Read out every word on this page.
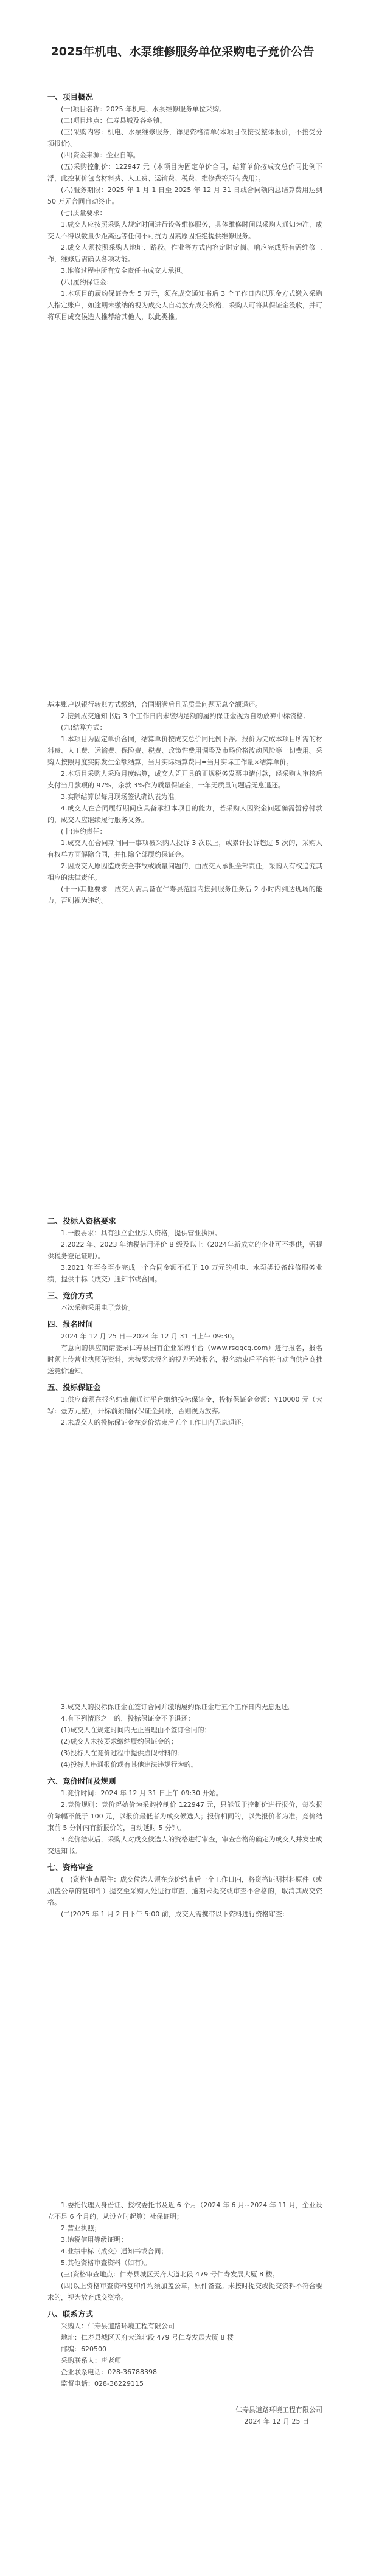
2025年机电、水泵维修服务单位采购电子竞价公告
一、项目概况

(一)项目名称：2025 年机电、水泵维修服务单位采购。

(二)项目地点：仁寿县城及各乡镇。

(三)采购内容：机电、水泵维修服务，详见资格清单(本项目仅接受整体报价，不接受分项报价)。

(四)资金来源：企业自筹。

(五)采购控制价：122947 元（本项目为固定单价合同，结算单价按成交总价同比例下浮，此控制价包含材料费、人工费、运输费、税费、维修费等所有费用）。

(六)服务期限：2025 年 1 月 1 日至 2025 年 12 月 31 日或合同额内总结算费用达到 50 万元合同自动终止。

(七)质量要求：

1.成交人应按照采购人规定时间进行设备维修服务，具体维修时间以采购人通知为准，成交人不得以数量少距离远等任何不可抗力因素原因拒绝提供维修服务。

2.成交人须按照采购人地址、路段、作业等方式内容定时定岗、响应完成所有需维修工作，维修后需确认各项功能。

3.维修过程中所有安全责任由成交人承担。

(八)履约保证金：

1.本项目的履约保证金为 5 万元，须在成交通知书后 3 个工作日内以现金方式缴入采购人指定账户，如逾期未缴纳的视为成交人自动放弃成交资格，采购人可将其保证金没收，并可将项目成交候选人推荐给其他人，以此类推。

基本账户以银行转账方式缴纳，合同期满后且无质量问题无息全额退还。

2.接到成交通知书后 3 个工作日内未缴纳足额的履约保证金视为自动放弃中标资格。

(九)结算方式：

1.本项目为固定单价合同，结算单价按成交总价同比例下浮。报价为完成本项目所需的材料费、人工费、运输费、保险费、税费、政策性费用调整及市场价格波动风险等一切费用。采购人按照月度实际发生金额结算，当月实际结算费用=当月实际工作量×结算单价。

2.本项目采购人采取月度结算，成交人凭开具的正规税务发票申请付款，经采购人审核后支付当月款项的 97%，余款 3%作为质量保证金，一年无质量问题后无息退还。

3.实际结算以每月现场签认确认表为准。

4.成交人在合同履行期间应具备承担本项目的能力，若采购人因资金问题确需暂停付款的，成交人应继续履行服务义务。

(十)违约责任：

1.成交人在合同期间同一事项被采购人投诉 3 次以上，或累计投诉超过 5 次的，采购人有权单方面解除合同，并扣除全部履约保证金。

2.因成交人原因造成安全事故或质量问题的，由成交人承担全部责任，采购人有权追究其相应的法律责任。

(十一)其他要求：成交人需具备在仁寿县范围内接到服务任务后 2 小时内到达现场的能力，否则视为违约。

二、投标人资格要求

1.一般要求：具有独立企业法人资格，提供营业执照。

2.2022 年、2023 年纳税信用评价 B 级及以上（2024年新成立的企业可不提供，需提供税务登记证明）。

3.2021 年至今至少完成一个合同金额不低于 10 万元的机电、水泵类设备维修服务业绩，提供中标（成交）通知书或合同。

三、竞价方式

本次采购采用电子竞价。

四、报名时间

2024 年 12 月 25 日—2024 年 12 月 31 日上午 09:30。

有意向的供应商请登录仁寿县国有企业采购平台（www.rsgqcg.com）进行报名，报名时须上传营业执照等资料，未按要求报名的视为无效报名，报名结束后平台将自动向供应商推送竞价通知。

五、投标保证金

1.供应商须在报名结束前通过平台缴纳投标保证金，投标保证金金额：¥10000 元（大写：壹万元整），开标前须确保保证金到账，否则视为放弃。

2.未成交人的投标保证金在竞价结束后五个工作日内无息退还。

3.成交人的投标保证金在签订合同并缴纳履约保证金后五个工作日内无息退还。

4.有下列情形之一的，投标保证金不予退还：

(1)成交人在规定时间内无正当理由不签订合同的；

(2)成交人未按要求缴纳履约保证金的；

(3)投标人在竞价过程中提供虚假材料的；

(4)投标人串通报价或有其他违法违规行为的。

六、竞价时间及规则

1.竞价时间：2024 年 12 月 31 日上午 09:30 开始。

2.竞价规则：竞价起始价为采购控制价 122947 元，只能低于控制价进行报价，每次报价降幅不低于 100 元，以报价最低者为成交候选人；报价相同的，以先报价者为准。竞价结束前 5 分钟内有新报价的，自动延时 5 分钟。

3.竞价结束后，采购人对成交候选人的资格进行审查，审查合格的确定为成交人并发出成交通知书。

七、资格审查

(一)资格审查原件：成交候选人须在竞价结束后一个工作日内，将资格证明材料原件（或加盖公章的复印件）提交至采购人处进行审查，逾期未提交或审查不合格的，取消其成交资格。

(二)2025 年 1 月 2 日下午 5:00 前，成交人需携带以下资料进行资格审查：

1.委托代理人身份证、授权委托书及近 6 个月（2024 年 6 月~2024 年 11 月，企业设立不足 6 个月的，从设立时起算）社保证明；

2.营业执照；

3.纳税信用等级证明；

4.业绩中标（成交）通知书或合同；

5.其他资格审查资料（如有）。

(三)资格审查地点：仁寿县城区天府大道北段 479 号仁寿发展大厦 8 楼。

(四)以上资格审查资料复印件均须加盖公章，原件备查。未按时提交或提交资料不符合要求的，视为放弃成交资格。

八、联系方式

采购人：仁寿县道路环境工程有限公司

地址：仁寿县城区天府大道北段 479 号仁寿发展大厦 8 楼

邮编：620500

采购联系人：唐老师

企业联系电话：028-36788398

监督电话：028-36229115

仁寿县道路环境工程有限公司

2024 年 12 月 25 日
